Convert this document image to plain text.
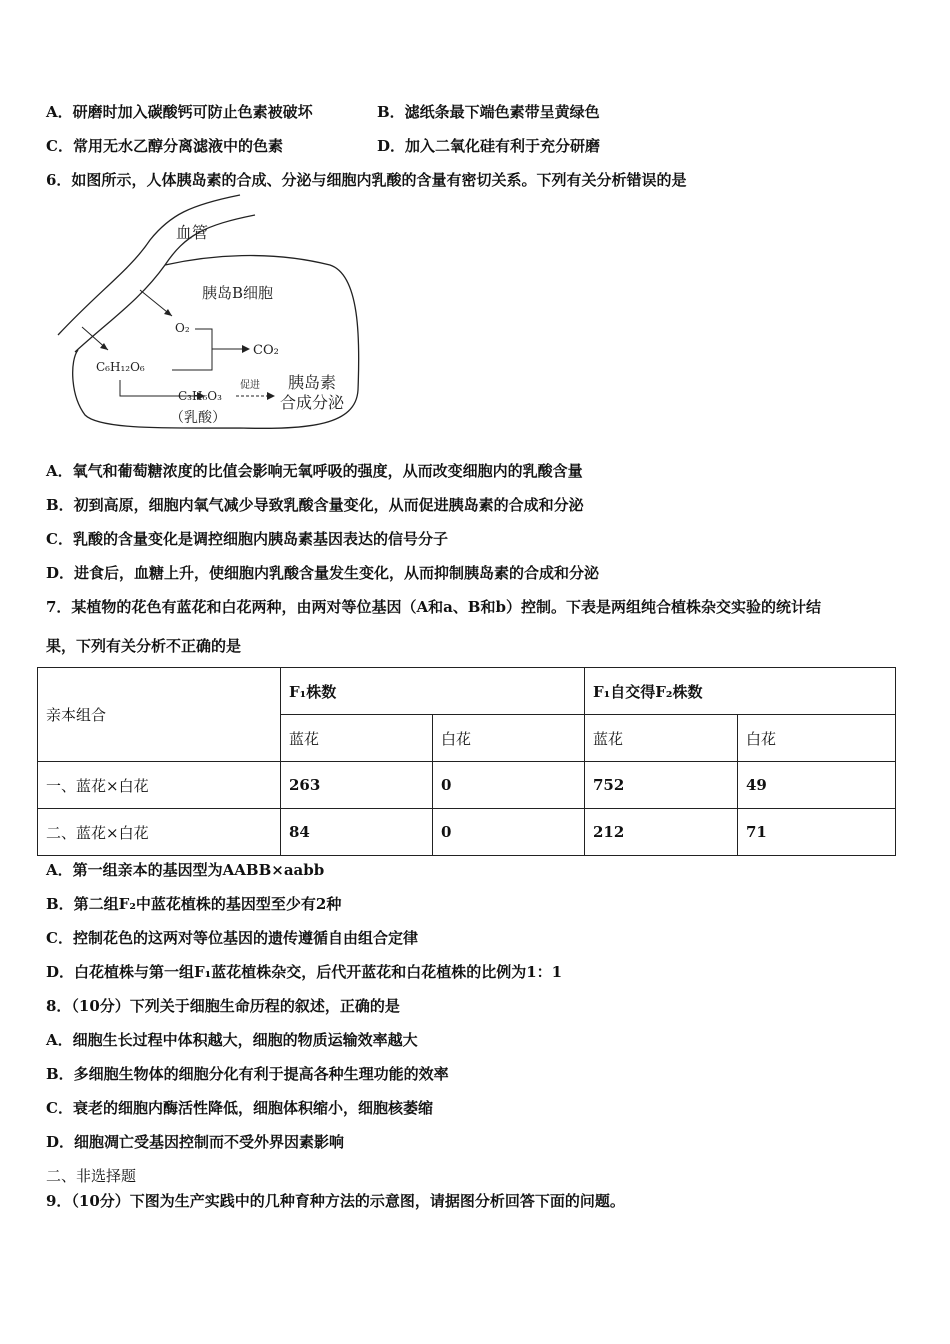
A．研磨时加入碳酸钙可防止色素被破坏	B．滤纸条最下端色素带呈黄绿色
C．常用无水乙醇分离滤液中的色素	D．加入二氧化硅有利于充分研磨
6．如图所示，人体胰岛素的合成、分泌与细胞内乳酸的含量有密切关系。下列有关分析错误的是
血管
胰岛B细胞
O₂
CO₂
C₆H₁₂O₆
C₃H₆O₃
（乳酸）
促进 胰岛素
合成分泌
A．氧气和葡萄糖浓度的比值会影响无氧呼吸的强度，从而改变细胞内的乳酸含量
B．初到高原，细胞内氧气减少导致乳酸含量变化，从而促进胰岛素的合成和分泌
C．乳酸的含量变化是调控细胞内胰岛素基因表达的信号分子
D．进食后，血糖上升，使细胞内乳酸含量发生变化，从而抑制胰岛素的合成和分泌
7．某植物的花色有蓝花和白花两种，由两对等位基因（A和a、B和b）控制。下表是两组纯合植株杂交实验的统计结
果，下列有关分析不正确的是
亲本组合	F₁株数		F₁自交得F₂株数	
	蓝花	白花	蓝花	白花
一、蓝花×白花	263	0	752	49
二、蓝花×白花	84	0	212	71
A．第一组亲本的基因型为AABB×aabb
B．第二组F₂中蓝花植株的基因型至少有2种
C．控制花色的这两对等位基因的遗传遵循自由组合定律
D．白花植株与第一组F₁蓝花植株杂交，后代开蓝花和白花植株的比例为1：1
8．（10分）下列关于细胞生命历程的叙述，正确的是
A．细胞生长过程中体积越大，细胞的物质运输效率越大
B．多细胞生物体的细胞分化有利于提高各种生理功能的效率
C．衰老的细胞内酶活性降低，细胞体积缩小，细胞核萎缩
D．细胞凋亡受基因控制而不受外界因素影响
二、非选择题
9．（10分）下图为生产实践中的几种育种方法的示意图，请据图分析回答下面的问题。
